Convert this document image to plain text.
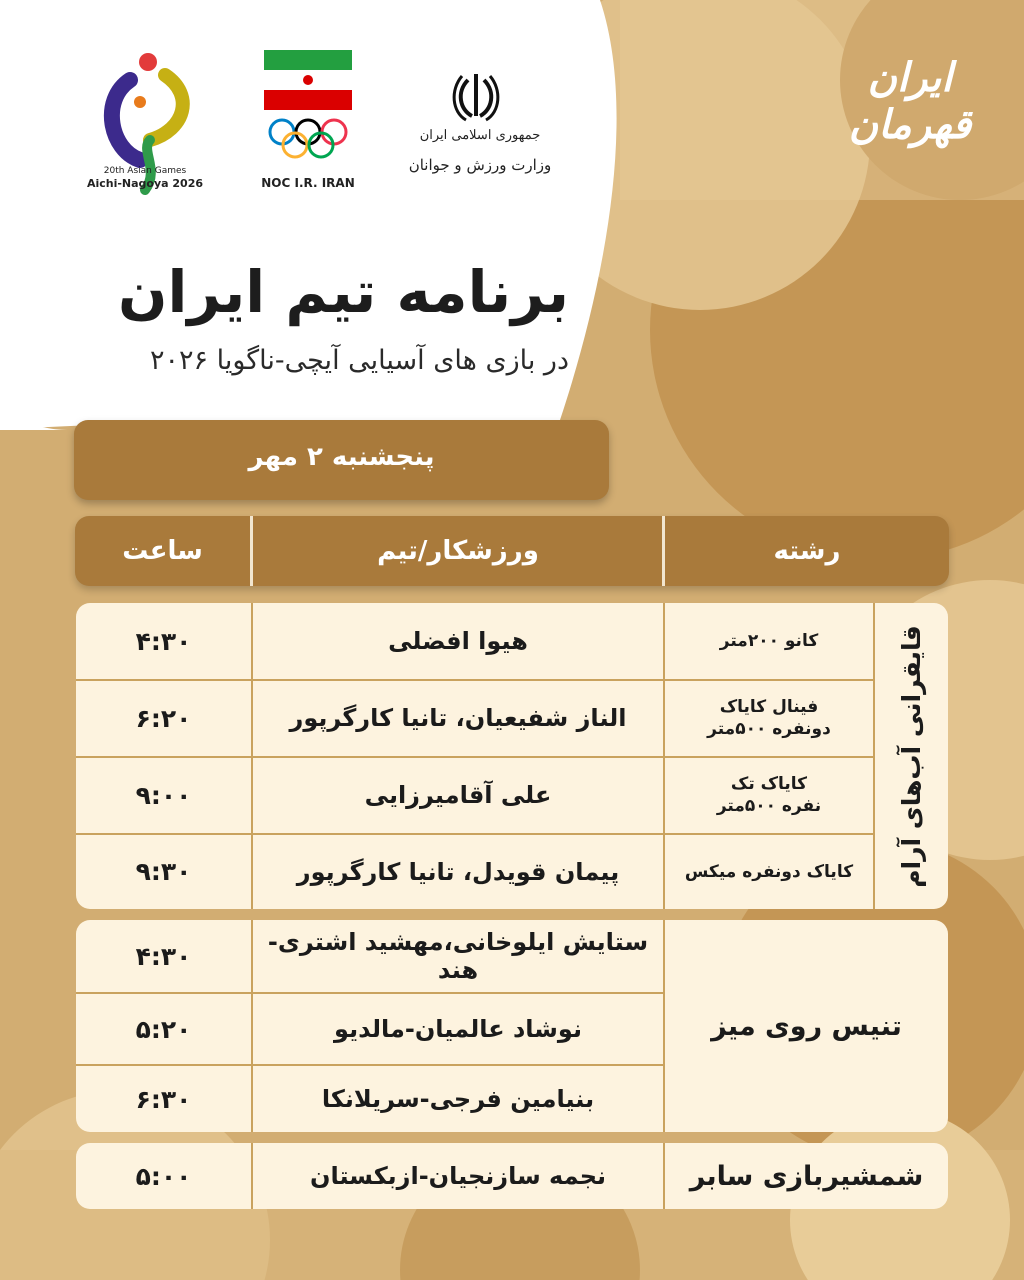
20th Asian Games
Aichi-Nagoya 2026	NOC I.R. IRAN
جمهوری اسلامی ایران
وزارت ورزش و جوانان
ایران قهرمان
برنامه تیم ایران
در بازی های آسیایی آیچی-ناگویا ۲۰۲۶
پنجشنبه ۲ مهر
ساعت	ورزشکار/تیم	رشته
۴:۳۰	هیوا افضلی	کانو ۲۰۰متر
۶:۲۰	الناز شفیعیان، تانیا کارگرپور	فینال کایاک دونفره ۵۰۰متر
۹:۰۰	علی آقامیرزایی	کایاک تک نفره ۵۰۰متر
۹:۳۰	پیمان قویدل، تانیا کارگرپور	کایاک دونفره میکس	قایقرانی آب‌های آرام
۴:۳۰	ستایش ایلوخانی،مهشید اشتری- هند
۵:۲۰	نوشاد عالمیان-مالدیو
۶:۳۰	بنیامین فرجی-سریلانکا
تنیس روی میز
۵:۰۰	نجمه سازنجیان-ازبکستان	شمشیربازی سابر
